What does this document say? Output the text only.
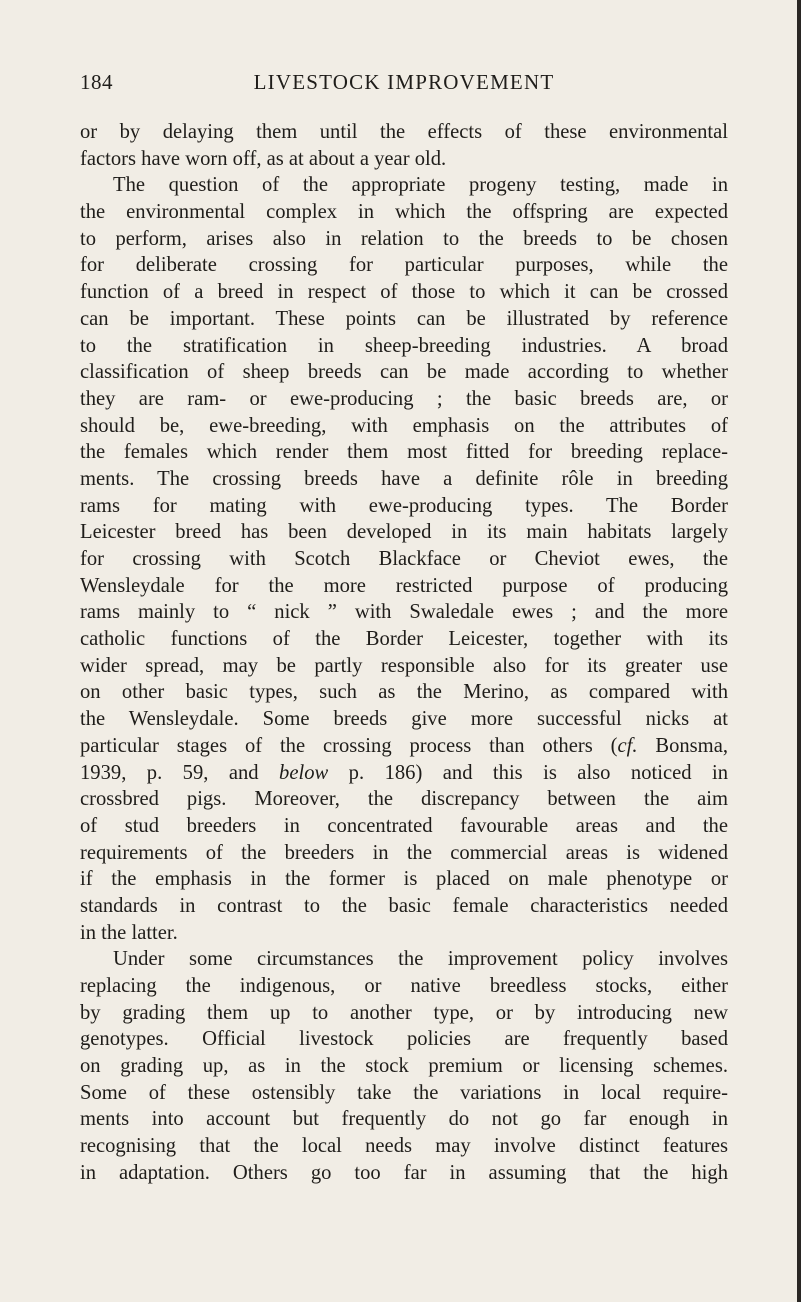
184	LIVESTOCK IMPROVEMENT
or by delaying them until the effects of these environmental
factors have worn off, as at about a year old.
The question of the appropriate progeny testing, made in
the environmental complex in which the offspring are expected
to perform, arises also in relation to the breeds to be chosen
for deliberate crossing for particular purposes, while the
function of a breed in respect of those to which it can be crossed
can be important. These points can be illustrated by reference
to the stratification in sheep-breeding industries. A broad
classification of sheep breeds can be made according to whether
they are ram- or ewe-producing ; the basic breeds are, or
should be, ewe-breeding, with emphasis on the attributes of
the females which render them most fitted for breeding replace-
ments. The crossing breeds have a definite rôle in breeding
rams for mating with ewe-producing types. The Border
Leicester breed has been developed in its main habitats largely
for crossing with Scotch Blackface or Cheviot ewes, the
Wensleydale for the more restricted purpose of producing
rams mainly to “ nick ” with Swaledale ewes ; and the more
catholic functions of the Border Leicester, together with its
wider spread, may be partly responsible also for its greater use
on other basic types, such as the Merino, as compared with
the Wensleydale. Some breeds give more successful nicks at
particular stages of the crossing process than others (cf. Bonsma,
1939, p. 59, and below p. 186) and this is also noticed in
crossbred pigs. Moreover, the discrepancy between the aim
of stud breeders in concentrated favourable areas and the
requirements of the breeders in the commercial areas is widened
if the emphasis in the former is placed on male phenotype or
standards in contrast to the basic female characteristics needed
in the latter.
Under some circumstances the improvement policy involves
replacing the indigenous, or native breedless stocks, either
by grading them up to another type, or by introducing new
genotypes. Official livestock policies are frequently based
on grading up, as in the stock premium or licensing schemes.
Some of these ostensibly take the variations in local require-
ments into account but frequently do not go far enough in
recognising that the local needs may involve distinct features
in adaptation. Others go too far in assuming that the high
